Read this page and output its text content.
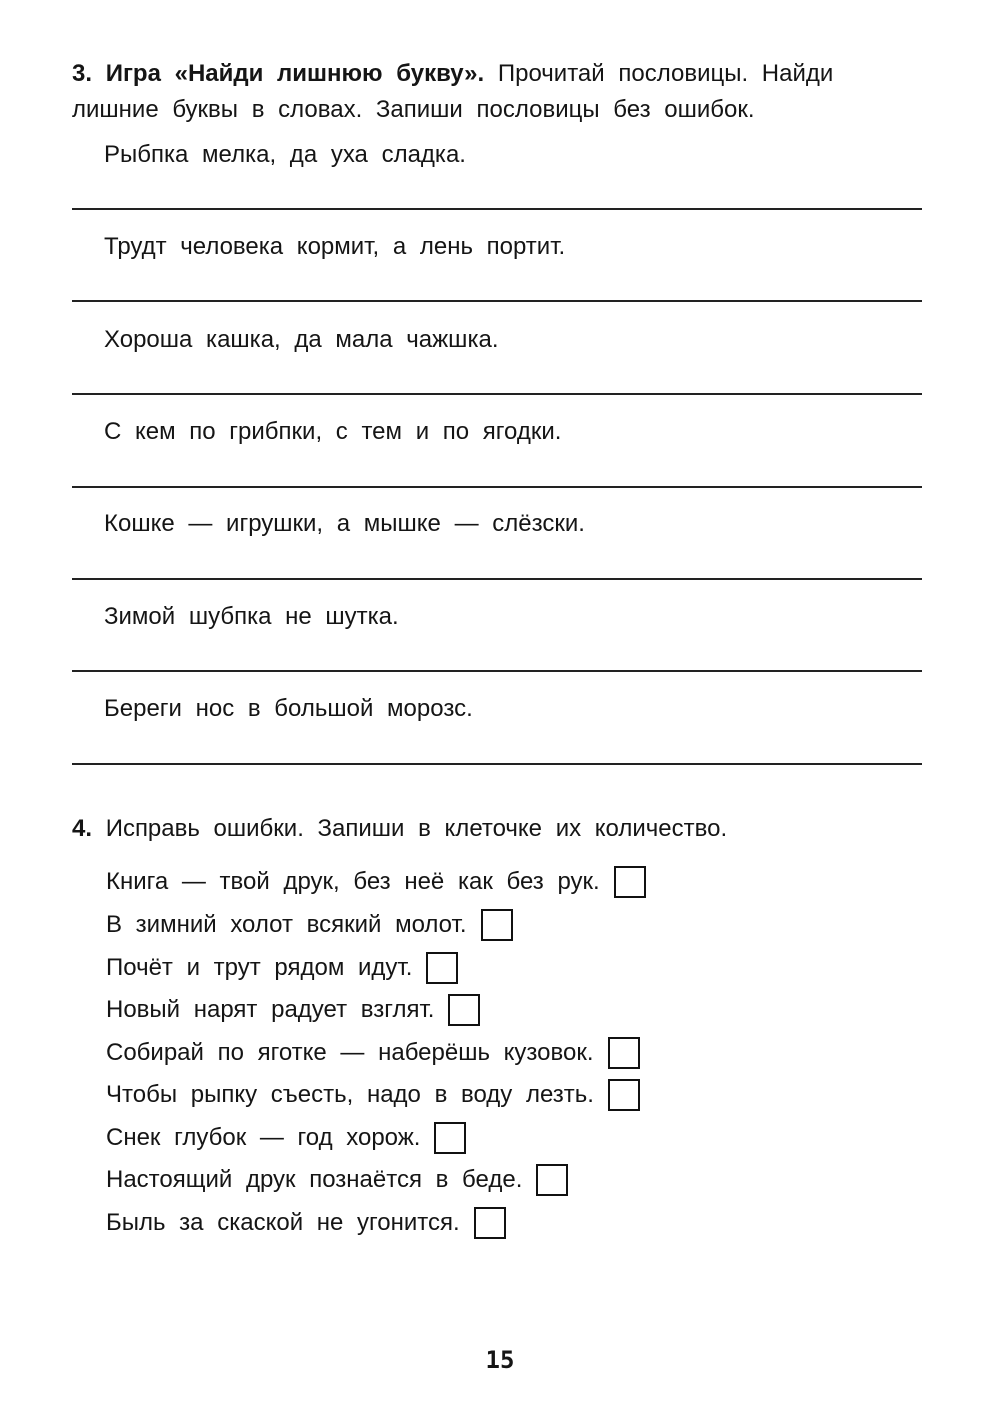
3. Игра «Найди лишнюю букву». Прочитай пословицы. Найди лишние буквы в словах. Запиши пословицы без ошибок.
Рыбпка мелка, да уха сладка.
Трудт человека кормит, а лень портит.
Хороша кашка, да мала чажшка.
С кем по грибпки, с тем и по ягодки.
Кошке — игрушки, а мышке — слёзски.
Зимой шубпка не шутка.
Береги нос в большой морозс.
4. Исправь ошибки. Запиши в клеточке их количество.
Книга — твой друк, без неё как без рук.
В зимний холот всякий молот.
Почёт и трут рядом идут.
Новый нарят радует взглят.
Собирай по яготке — наберёшь кузовок.
Чтобы рыпку съесть, надо в воду лезть.
Снек глубок — год хорож.
Настоящий друк познаётся в беде.
Быль за скаской не угонится.
15
